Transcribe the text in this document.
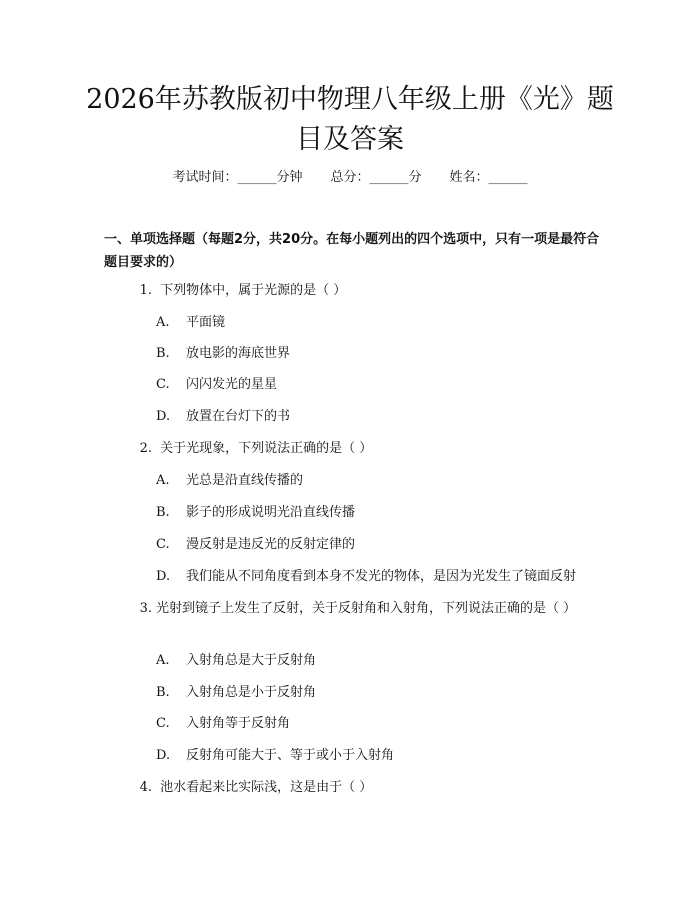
2026年苏教版初中物理八年级上册《光》题
目及答案
考试时间：______分钟 总分：______分 姓名：______
一、单项选择题（每题2分，共20分。在每小题列出的四个选项中，只有一项是最符合题目要求的）
1. 下列物体中，属于光源的是（ ）
A. 平面镜
B. 放电影的海底世界
C. 闪闪发光的星星
D. 放置在台灯下的书
2. 关于光现象，下列说法正确的是（ ）
A. 光总是沿直线传播的
B. 影子的形成说明光沿直线传播
C. 漫反射是违反光的反射定律的
D. 我们能从不同角度看到本身不发光的物体，是因为光发生了镜面反射
3. 光射到镜子上发生了反射，关于反射角和入射角，下列说法正确的是（ ）
A. 入射角总是大于反射角
B. 入射角总是小于反射角
C. 入射角等于反射角
D. 反射角可能大于、等于或小于入射角
4. 池水看起来比实际浅，这是由于（ ）
